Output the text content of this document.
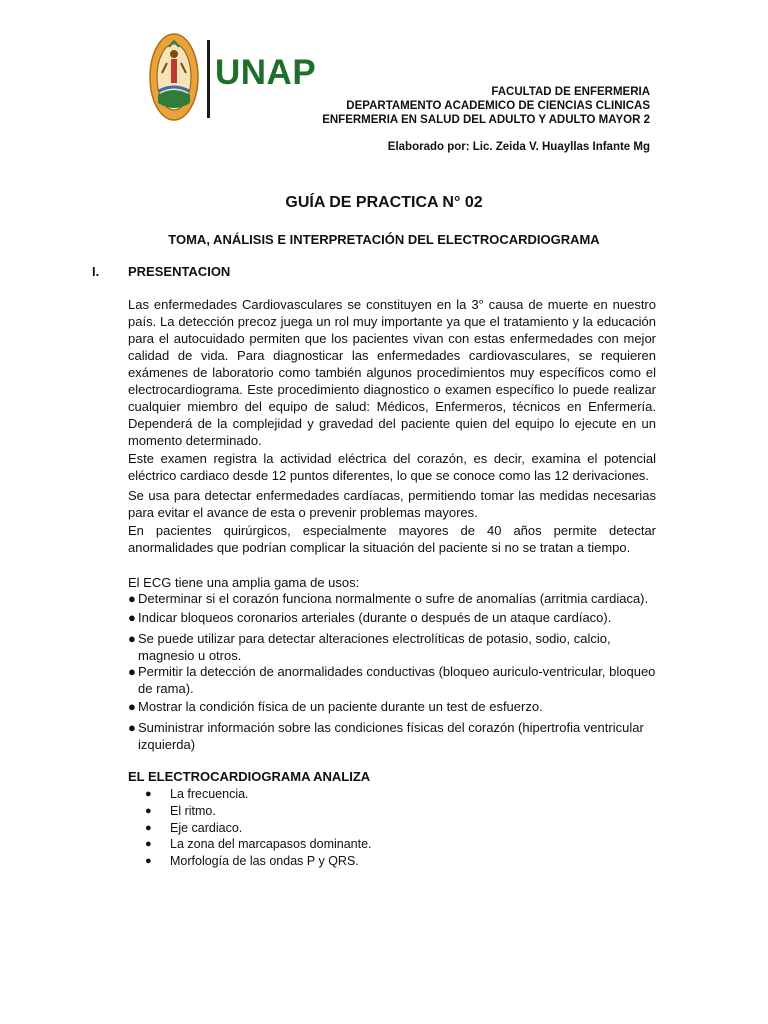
UNAP	FACULTAD DE ENFERMERIA
DEPARTAMENTO ACADEMICO DE CIENCIAS CLINICAS
ENFERMERIA EN SALUD DEL ADULTO Y ADULTO MAYOR 2
Elaborado por: Lic. Zeida V. Huayllas Infante Mg
GUÍA DE PRACTICA N° 02
TOMA, ANÁLISIS E INTERPRETACIÓN DEL ELECTROCARDIOGRAMA
I. PRESENTACION

Las enfermedades Cardiovasculares se constituyen en la 3° causa de muerte en nuestro país. La detección precoz juega un rol muy importante ya que el tratamiento y la educación para el autocuidado permiten que los pacientes vivan con estas enfermedades con mejor calidad de vida. Para diagnosticar las enfermedades cardiovasculares, se requieren exámenes de laboratorio como también algunos procedimientos muy específicos como el electrocardiograma. Este procedimiento diagnostico o examen específico lo puede realizar cualquier miembro del equipo de salud: Médicos, Enfermeros, técnicos en Enfermería. Dependerá de la complejidad y gravedad del paciente quien del equipo lo ejecute en un momento determinado.

Este examen registra la actividad eléctrica del corazón, es decir, examina el potencial eléctrico cardiaco desde 12 puntos diferentes, lo que se conoce como las 12 derivaciones.

Se usa para detectar enfermedades cardíacas, permitiendo tomar las medidas necesarias para evitar el avance de esta o prevenir problemas mayores.

En pacientes quirúrgicos, especialmente mayores de 40 años permite detectar anormalidades que podrían complicar la situación del paciente si no se tratan a tiempo.

El ECG tiene una amplia gama de usos:

● Determinar si el corazón funciona normalmente o sufre de anomalías (arritmia cardiaca).
● Indicar bloqueos coronarios arteriales (durante o después de un ataque cardíaco).
● Se puede utilizar para detectar alteraciones electrolíticas de potasio, sodio, calcio, magnesio u otros.
● Permitir la detección de anormalidades conductivas (bloqueo auriculo-ventricular, bloqueo de rama).
● Mostrar la condición física de un paciente durante un test de esfuerzo.
● Suministrar información sobre las condiciones físicas del corazón (hipertrofia ventricular izquierda)
EL ELECTROCARDIOGRAMA ANALIZA
● La frecuencia.
● El ritmo.
● Eje cardiaco.
● La zona del marcapasos dominante.
● Morfología de las ondas P y QRS.
